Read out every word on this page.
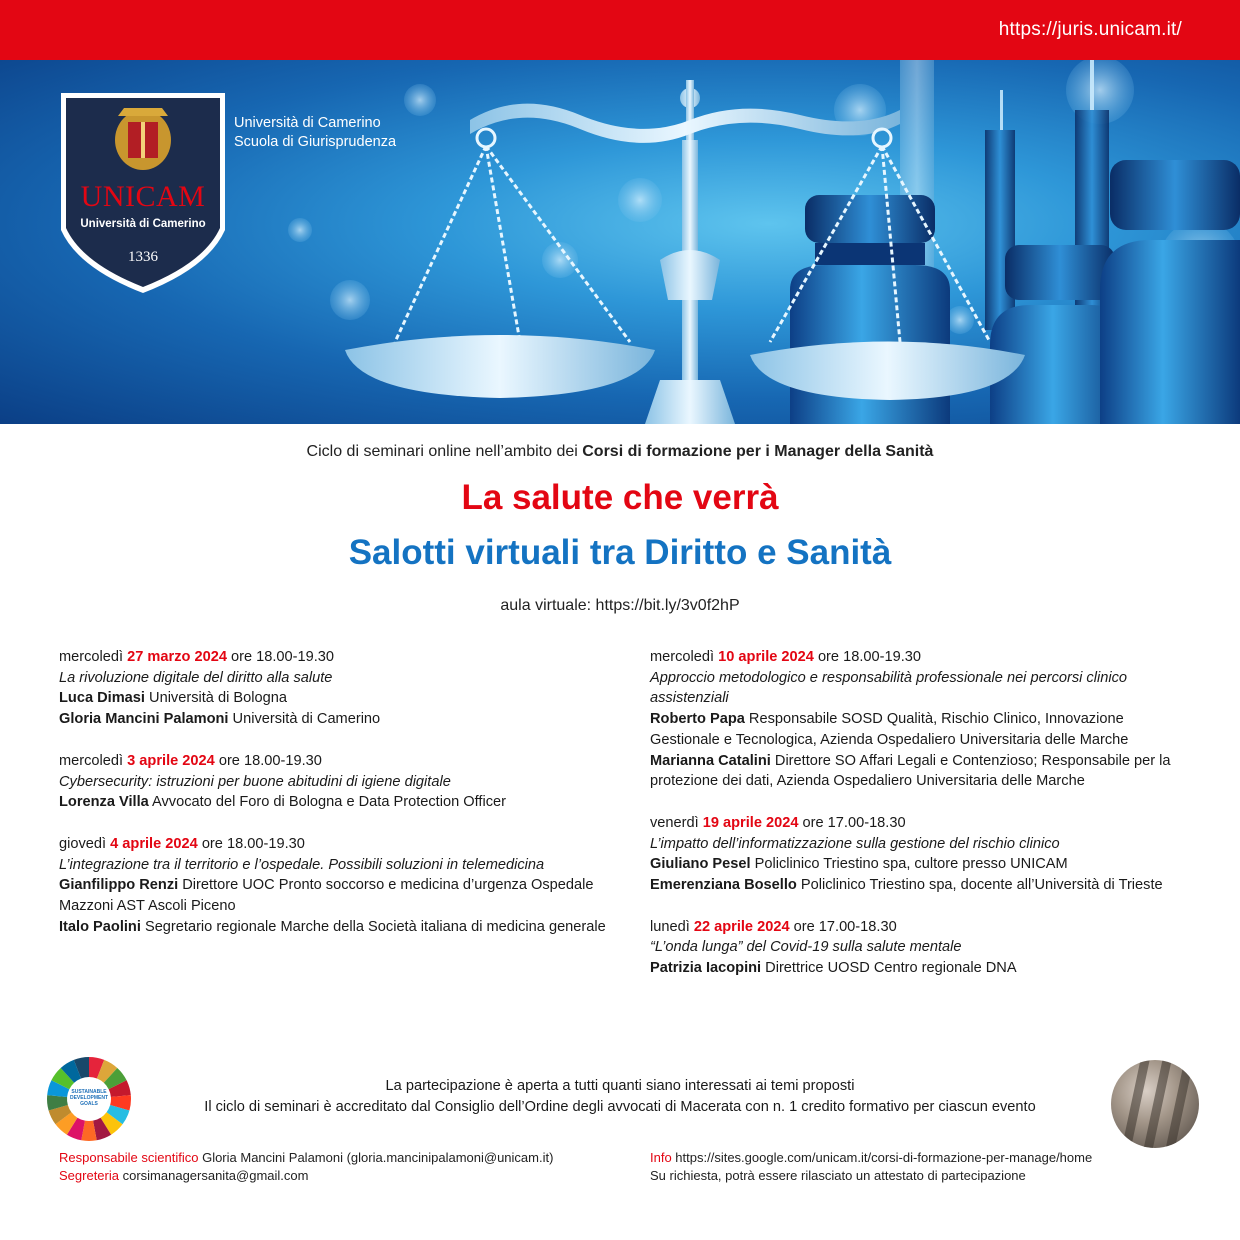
https://juris.unicam.it/
UNICAM
Università di Camerino
1336
Università di Camerino
Scuola di Giurisprudenza
Ciclo di seminari online nell’ambito dei Corsi di formazione per i Manager della Sanità
La salute che verrà
Salotti virtuali tra Diritto e Sanità
aula virtuale: https://bit.ly/3v0f2hP
mercoledì 27 marzo 2024 ore 18.00-19.30
La rivoluzione digitale del diritto alla salute
Luca Dimasi Università di Bologna
Gloria Mancini Palamoni Università di Camerino
mercoledì 3 aprile 2024 ore 18.00-19.30
Cybersecurity: istruzioni per buone abitudini di igiene digitale
Lorenza Villa Avvocato del Foro di Bologna e Data Protection Officer
giovedì 4 aprile 2024 ore 18.00-19.30
L’integrazione tra il territorio e l’ospedale. Possibili soluzioni in telemedicina
Gianfilippo Renzi Direttore UOC Pronto soccorso e medicina d’urgenza Ospedale Mazzoni AST Ascoli Piceno
Italo Paolini Segretario regionale Marche della Società italiana di medicina generale
mercoledì 10 aprile 2024 ore 18.00-19.30
Approccio metodologico e responsabilità professionale nei percorsi clinico assistenziali
Roberto Papa Responsabile SOSD Qualità, Rischio Clinico, Innovazione Gestionale e Tecnologica, Azienda Ospedaliero Universitaria delle Marche
Marianna Catalini Direttore SO Affari Legali e Contenzioso; Responsabile per la protezione dei dati, Azienda Ospedaliero Universitaria delle Marche
venerdì 19 aprile 2024 ore 17.00-18.30
L’impatto dell’informatizzazione sulla gestione del rischio clinico
Giuliano Pesel Policlinico Triestino spa, cultore presso UNICAM
Emerenziana Bosello Policlinico Triestino spa, docente all’Università di Trieste
lunedì 22 aprile 2024 ore 17.00-18.30
“L’onda lunga” del Covid-19 sulla salute mentale
Patrizia Iacopini Direttrice UOSD Centro regionale DNA
SUSTAINABLE DEVELOPMENT GOALS
La partecipazione è aperta a tutti quanti siano interessati ai temi proposti
Il ciclo di seminari è accreditato dal Consiglio dell’Ordine degli avvocati di Macerata con n. 1 credito formativo per ciascun evento
Responsabile scientifico Gloria Mancini Palamoni (gloria.mancinipalamoni@unicam.it)
Segreteria corsimanagersanita@gmail.com
Info https://sites.google.com/unicam.it/corsi-di-formazione-per-manage/home
Su richiesta, potrà essere rilasciato un attestato di partecipazione
